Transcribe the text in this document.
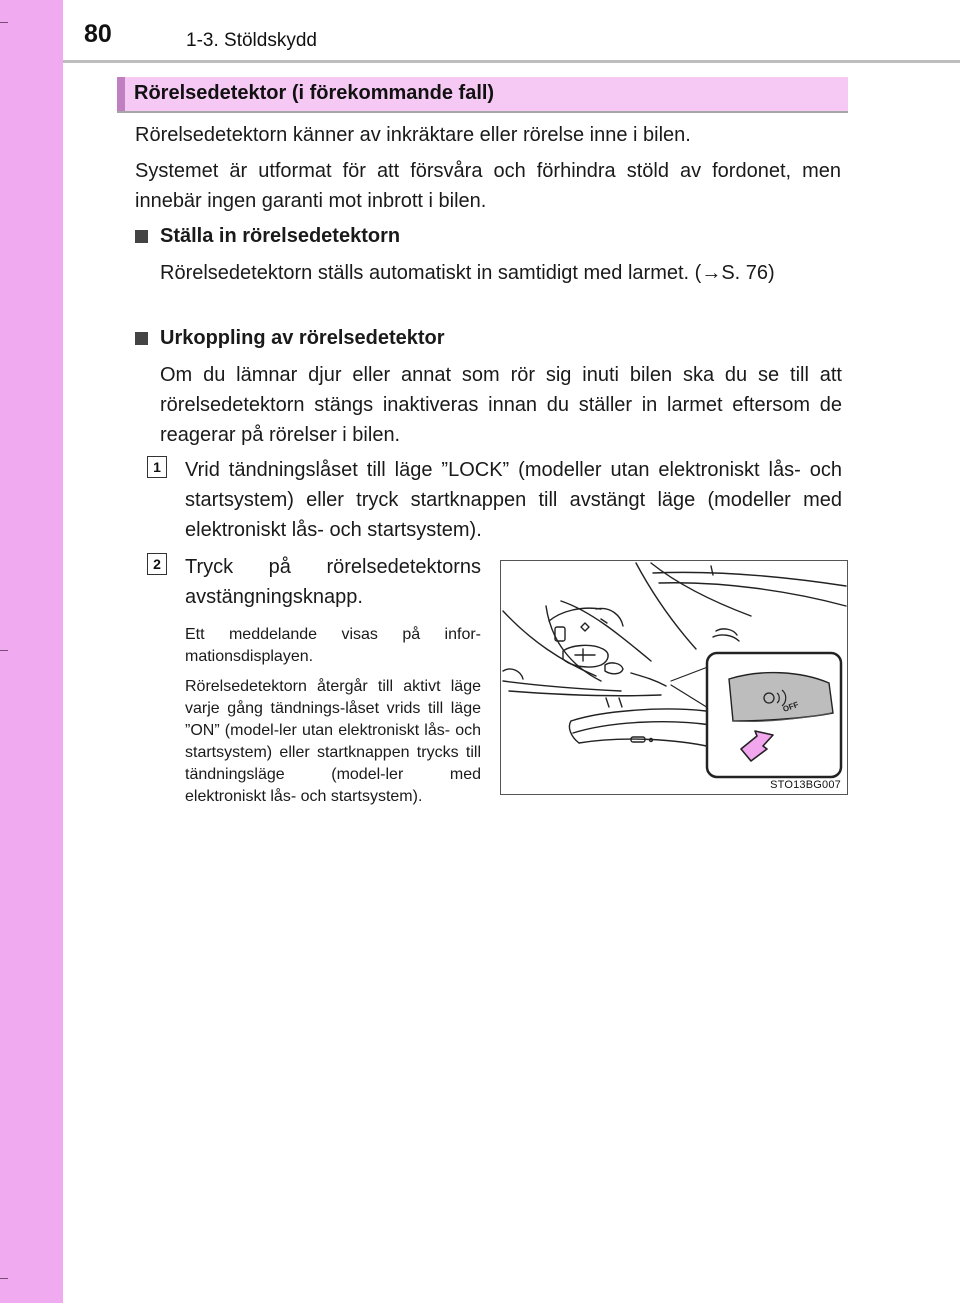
80	1-3. Stöldskydd
Rörelsedetektor (i förekommande fall)
Rörelsedetektorn känner av inkräktare eller rörelse inne i bilen.
Systemet är utformat för att försvåra och förhindra stöld av fordonet, men innebär ingen garanti mot inbrott i bilen.
Ställa in rörelsedetektorn
Rörelsedetektorn ställs automatiskt in samtidigt med larmet. (→S. 76)
Urkoppling av rörelsedetektor
Om du lämnar djur eller annat som rör sig inuti bilen ska du se till att rörelsedetektorn stängs inaktiveras innan du ställer in larmet eftersom de reagerar på rörelser i bilen.
1	Vrid tändningslåset till läge ”LOCK” (modeller utan elektroniskt lås- och startsystem) eller tryck startknappen till avstängt läge (modeller med elektroniskt lås- och startsystem).
2	Tryck på rörelsedetektorns avstängningsknapp.
Ett meddelande visas på infor-mationsdisplayen.
Rörelsedetektorn återgår till aktivt läge varje gång tändnings-låset vrids till läge ”ON” (model-ler utan elektroniskt lås- och startsystem) eller startknappen trycks till tändningsläge (model-ler med elektroniskt lås- och startsystem).
OFF
STO13BG007
